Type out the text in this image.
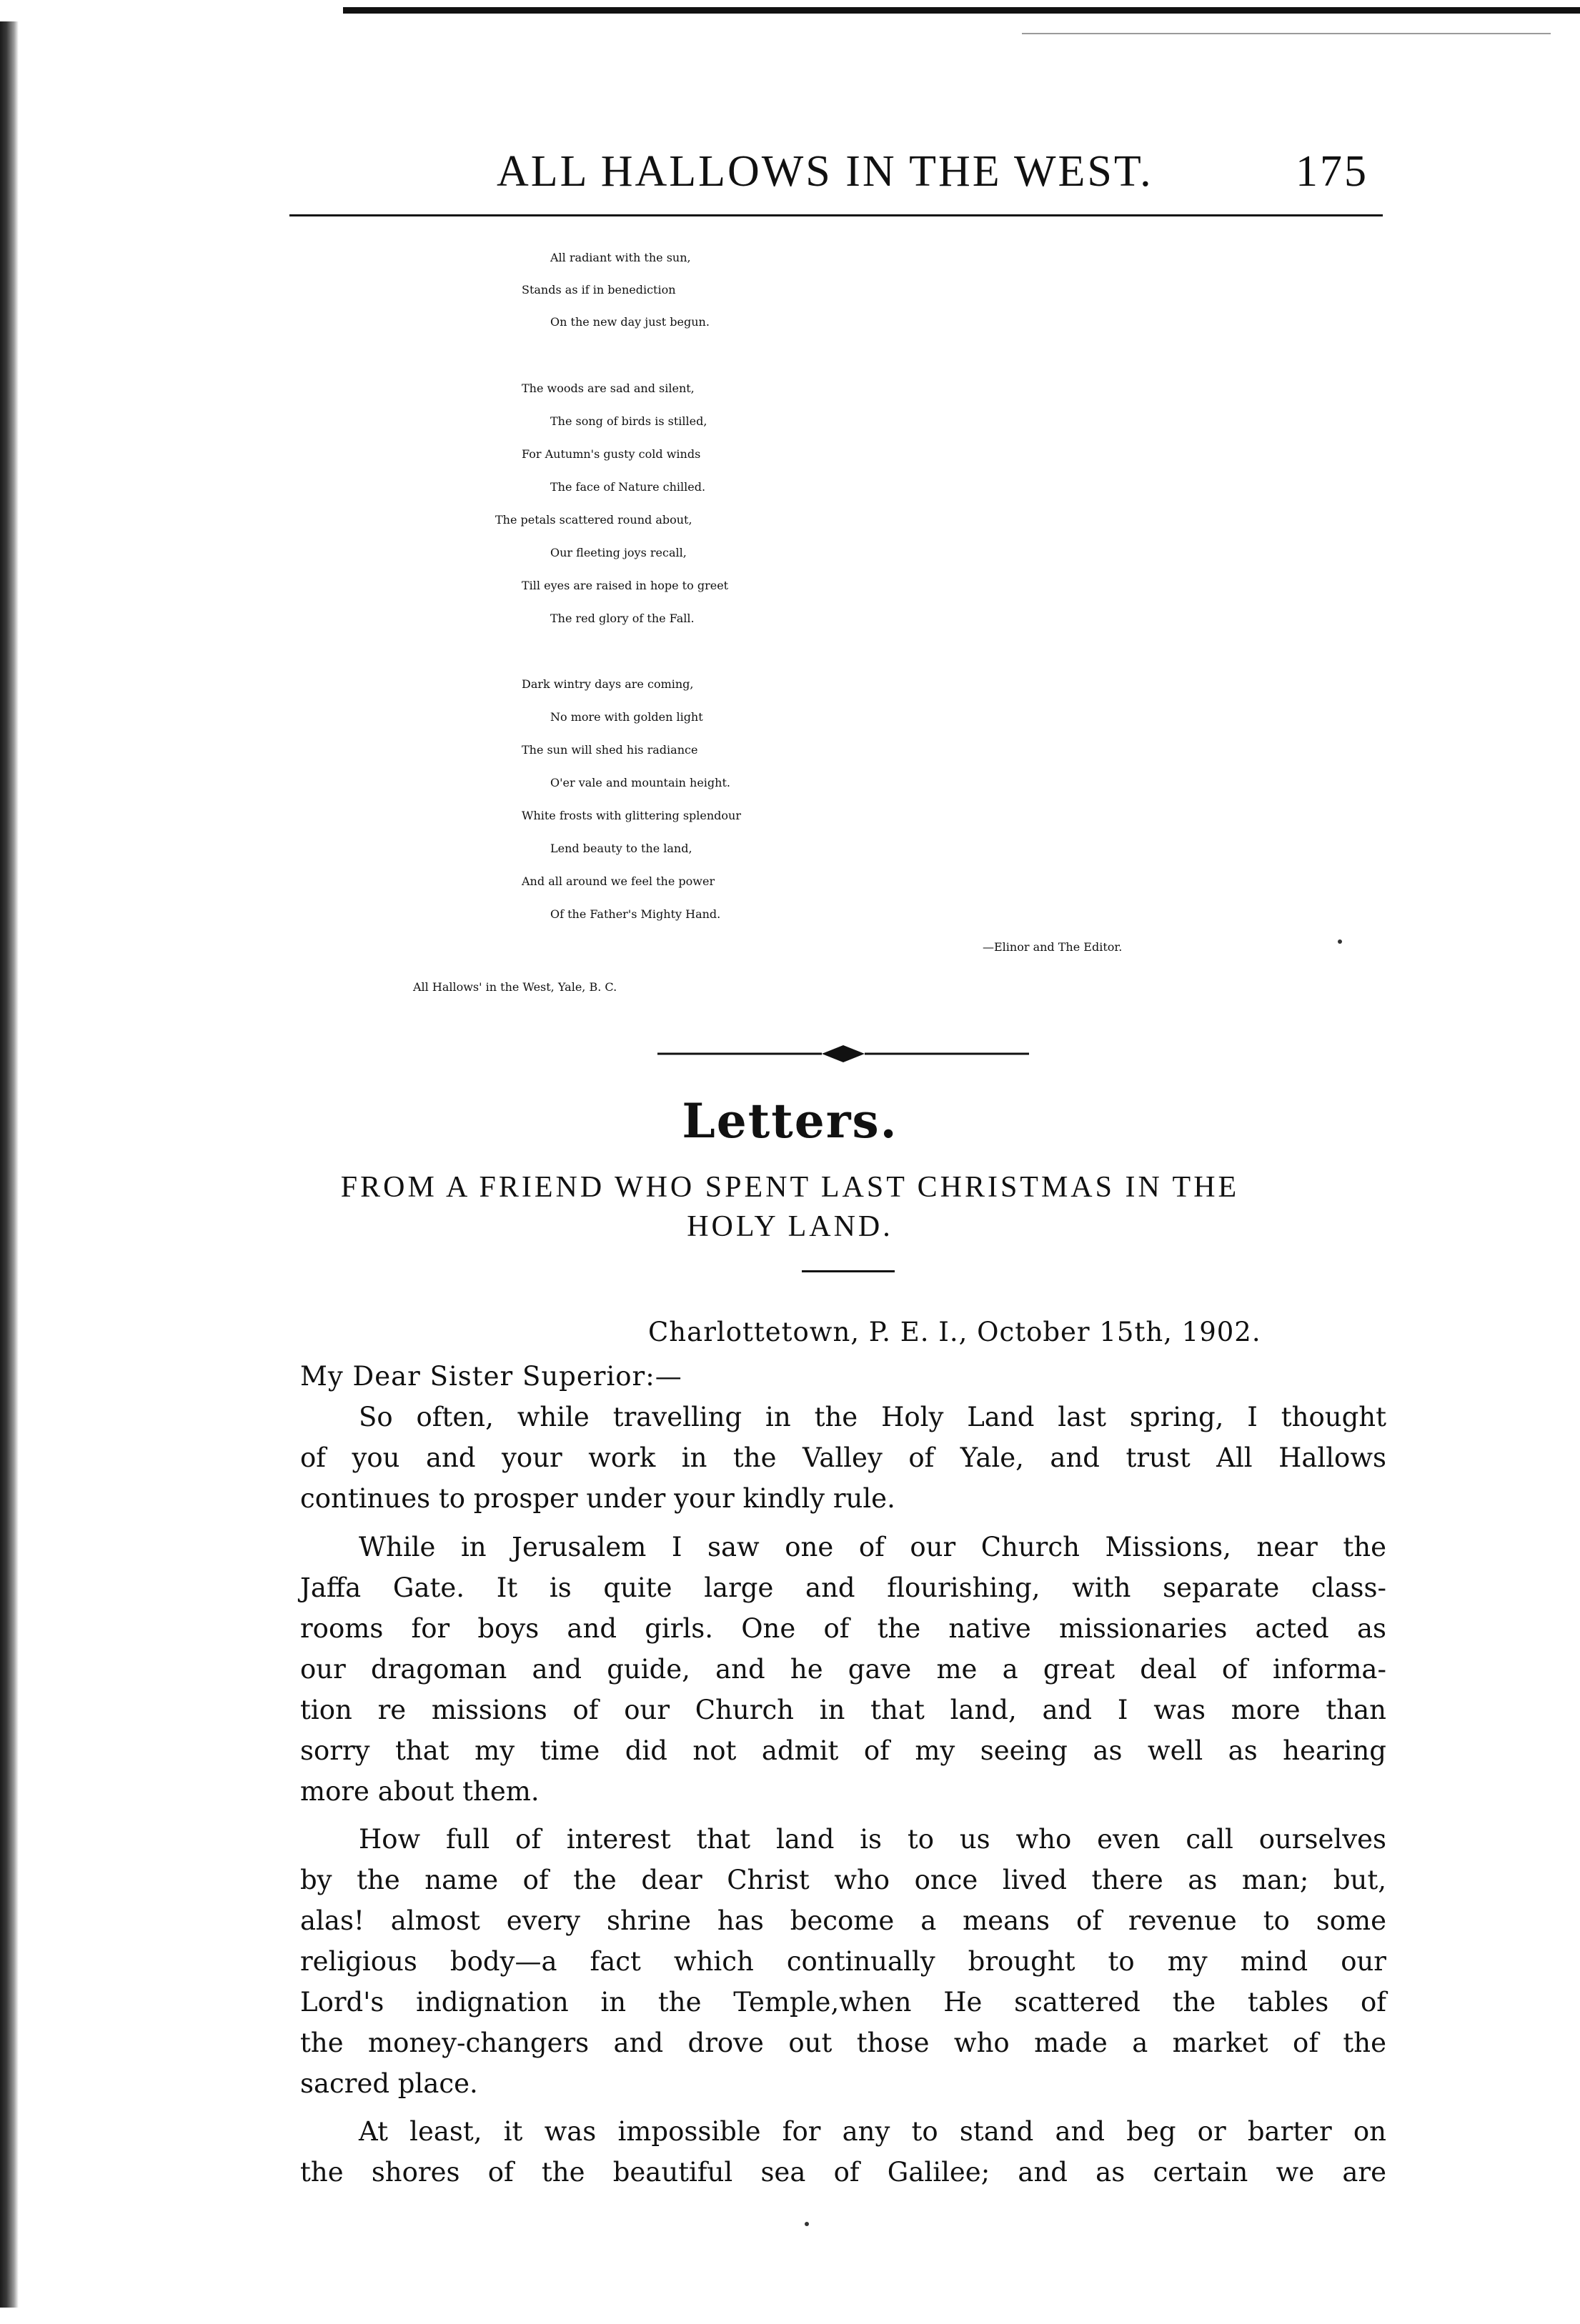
ALL HALLOWS IN THE WEST.	175
All radiant with the sun,
Stands as if in benediction
On the new day just begun.
The woods are sad and silent,
The song of birds is stilled,
For Autumn's gusty cold winds
The face of Nature chilled.
The petals scattered round about,
Our fleeting joys recall,
Till eyes are raised in hope to greet
The red glory of the Fall.
Dark wintry days are coming,
No more with golden light
The sun will shed his radiance
O'er vale and mountain height.
White frosts with glittering splendour
Lend beauty to the land,
And all around we feel the power
Of the Father's Mighty Hand.
—Elinor and The Editor.
All Hallows' in the West, Yale, B. C.
Letters.
FROM A FRIEND WHO SPENT LAST CHRISTMAS IN THE
HOLY LAND.
Charlottetown, P. E. I., October 15th, 1902.
My Dear Sister Superior:—
So often, while travelling in the Holy Land last spring, I thought
of you and your work in the Valley of Yale, and trust All Hallows
continues to prosper under your kindly rule.
While in Jerusalem I saw one of our Church Missions, near the
Jaffa Gate. It is quite large and flourishing, with separate class-
rooms for boys and girls. One of the native missionaries acted as
our dragoman and guide, and he gave me a great deal of informa-
tion re missions of our Church in that land, and I was more than
sorry that my time did not admit of my seeing as well as hearing
more about them.
How full of interest that land is to us who even call ourselves
by the name of the dear Christ who once lived there as man; but,
alas! almost every shrine has become a means of revenue to some
religious body—a fact which continually brought to my mind our
Lord's indignation in the Temple,when He scattered the tables of
the money-changers and drove out those who made a market of the
sacred place.
At least, it was impossible for any to stand and beg or barter on
the shores of the beautiful sea of Galilee; and as certain we are
